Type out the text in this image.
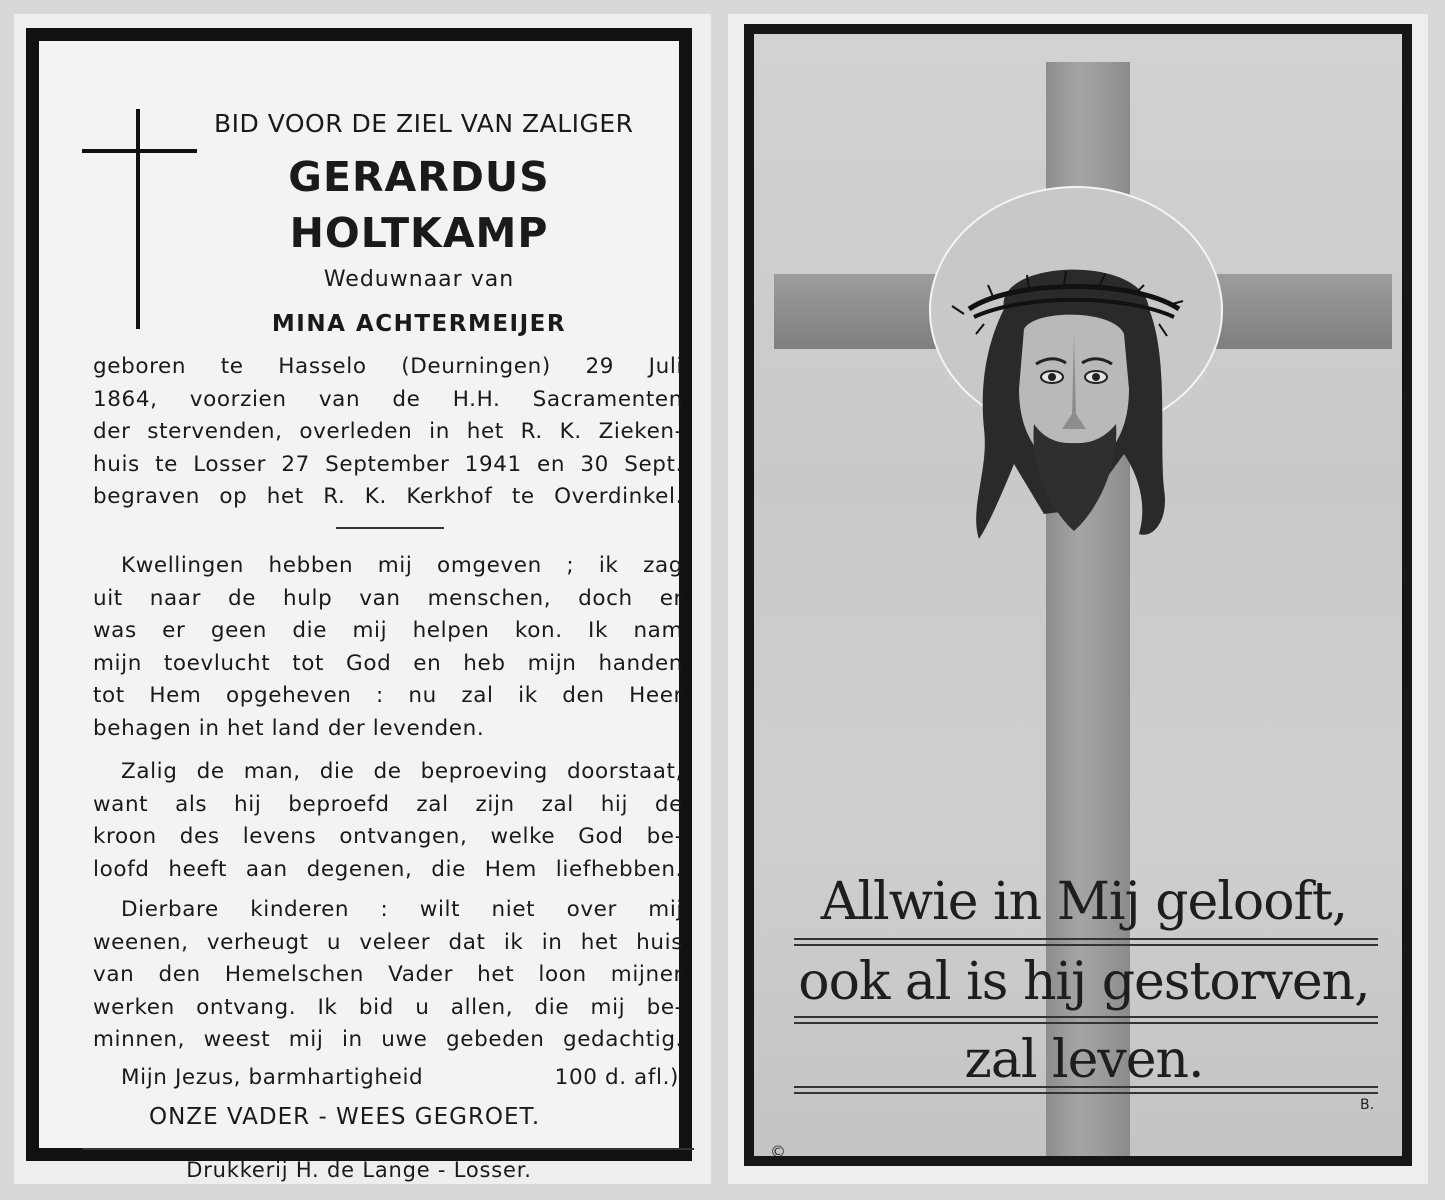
BID VOOR DE ZIEL VAN ZALIGER
GERARDUS
HOLTKAMP
Weduwnaar van
MINA ACHTERMEIJER
geboren te Hasselo (Deurningen) 29 Juli
1864, voorzien van de H.H. Sacramenten
der stervenden, overleden in het R. K. Zieken-
huis te Losser 27 September 1941 en 30 Sept.
begraven op het R. K. Kerkhof te Overdinkel.
Kwellingen hebben mij omgeven ; ik zag
uit naar de hulp van menschen, doch er
was er geen die mij helpen kon. Ik nam
mijn toevlucht tot God en heb mijn handen
tot Hem opgeheven : nu zal ik den Heer
behagen in het land der levenden.
Zalig de man, die de beproeving doorstaat,
want als hij beproefd zal zijn zal hij de
kroon des levens ontvangen, welke God be-
loofd heeft aan degenen, die Hem liefhebben.
Dierbare kinderen : wilt niet over mij
weenen, verheugt u veleer dat ik in het huis
van den Hemelschen Vader het loon mijner
werken ontvang. Ik bid u allen, die mij be-
minnen, weest mij in uwe gebeden gedachtig.
Mijn Jezus, barmhartigheid	100 d. afl.)
ONZE VADER - WEES GEGROET.
Drukkerij H. de Lange - Losser.
Allwie in Mij gelooft,
ook al is hij gestorven,
zal leven.
B.
©
